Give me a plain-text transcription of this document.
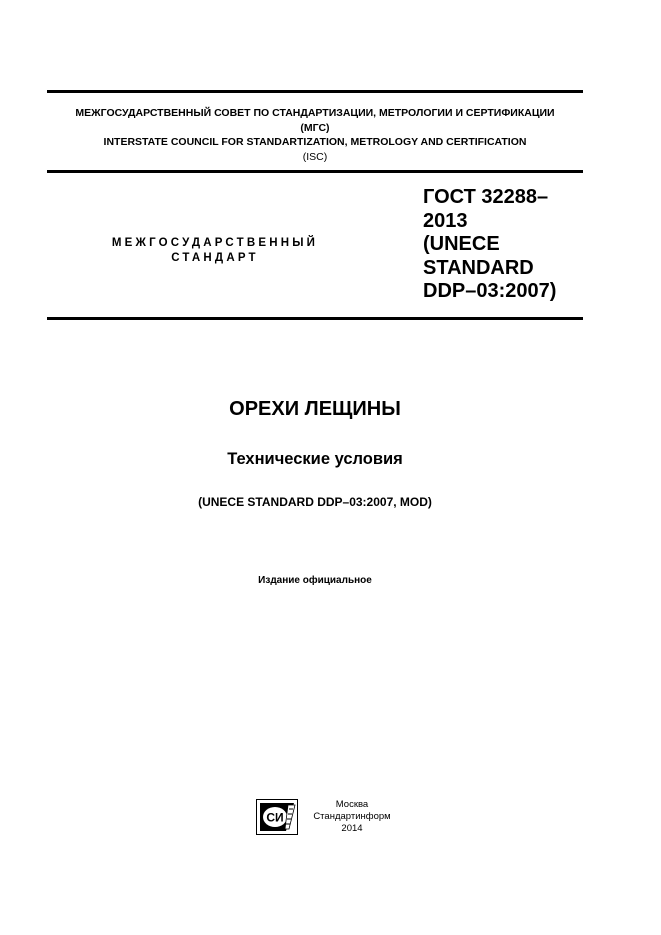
МЕЖГОСУДАРСТВЕННЫЙ СОВЕТ ПО СТАНДАРТИЗАЦИИ, МЕТРОЛОГИИ И СЕРТИФИКАЦИИ
(МГС)
INTERSTATE COUNCIL FOR STANDARTIZATION, METROLOGY AND CERTIFICATION
(ISC)
МЕЖГОСУДАРСТВЕННЫЙ
СТАНДАРТ
ГОСТ 32288–
2013
(UNECE
STANDARD
DDP–03:2007)
ОРЕХИ ЛЕЩИНЫ
Технические условия
(UNECE STANDARD DDP–03:2007, MOD)
Издание официальное
СИ
Москва
Стандартинформ
2014
